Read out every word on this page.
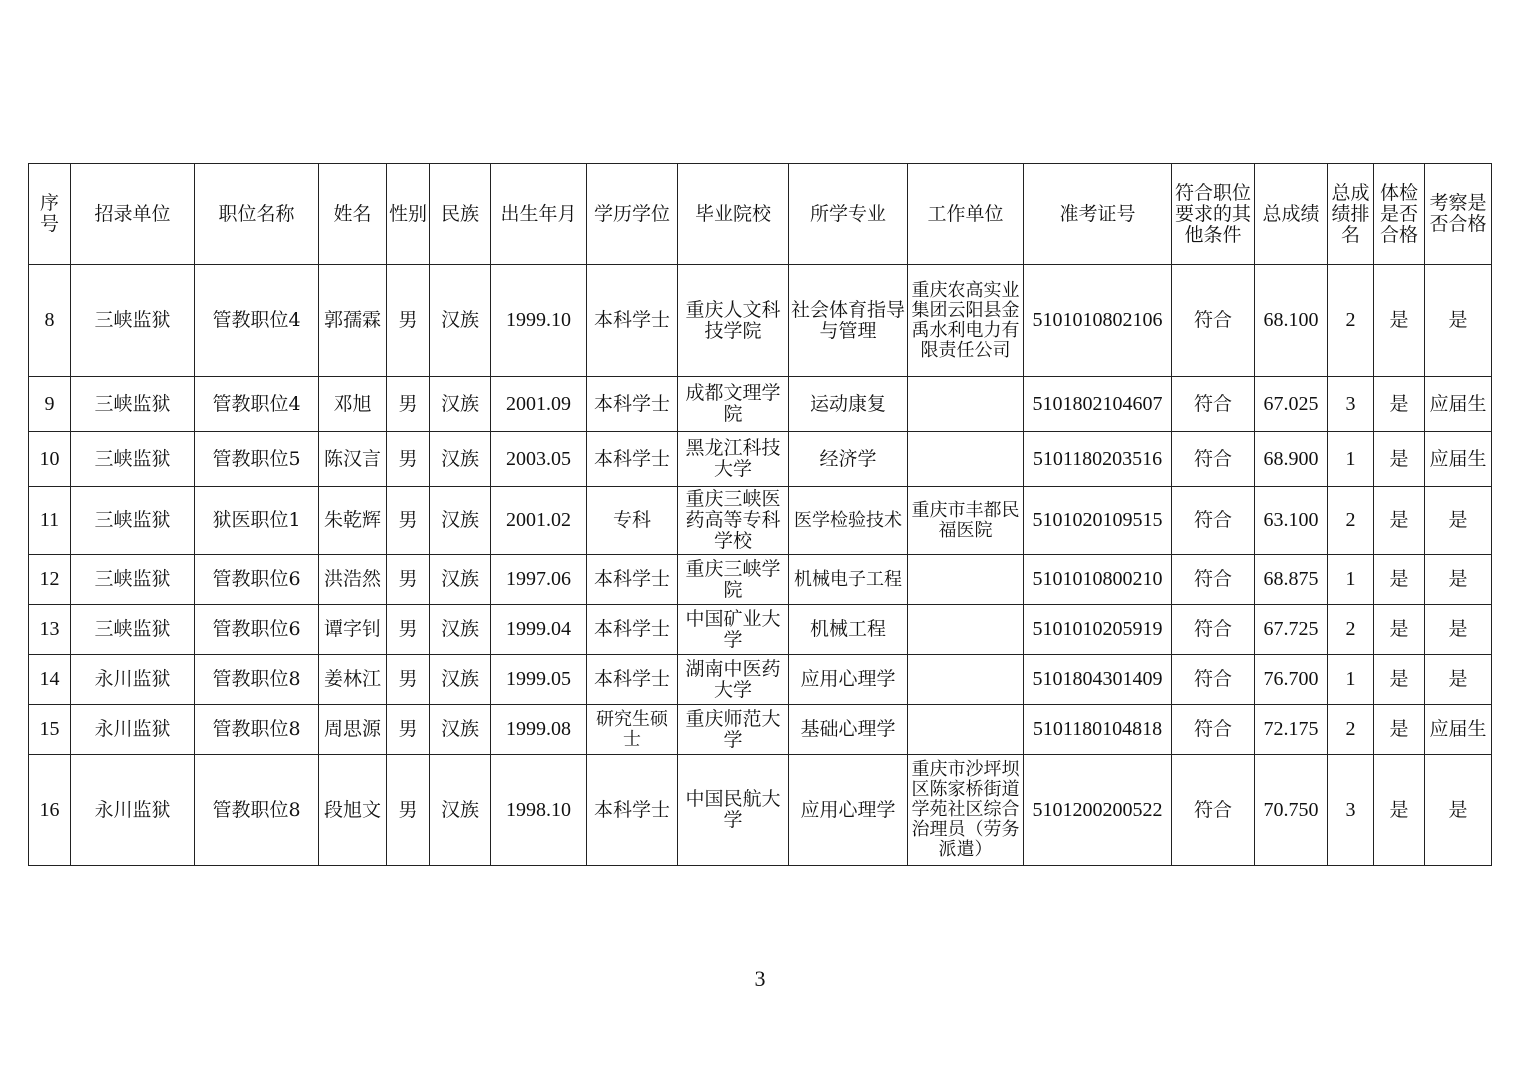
序号	招录单位	职位名称	姓名	性别	民族	出生年月	学历学位	毕业院校	所学专业	工作单位	准考证号	符合职位要求的其他条件	总成绩	总成绩排名	体检是否合格	考察是否合格
8	三峡监狱	管教职位4	郭孺霖	男	汉族	1999.10	本科学士	重庆人文科技学院	社会体育指导与管理	重庆农高实业集团云阳县金禹水利电力有限责任公司	5101010802106	符合	68.100	2	是	是
9	三峡监狱	管教职位4	邓旭	男	汉族	2001.09	本科学士	成都文理学院	运动康复		5101802104607	符合	67.025	3	是	应届生
10	三峡监狱	管教职位5	陈汉言	男	汉族	2003.05	本科学士	黑龙江科技大学	经济学		5101180203516	符合	68.900	1	是	应届生
11	三峡监狱	狱医职位1	朱乾辉	男	汉族	2001.02	专科	重庆三峡医药高等专科学校	医学检验技术	重庆市丰都民福医院	5101020109515	符合	63.100	2	是	是
12	三峡监狱	管教职位6	洪浩然	男	汉族	1997.06	本科学士	重庆三峡学院	机械电子工程		5101010800210	符合	68.875	1	是	是
13	三峡监狱	管教职位6	谭字钊	男	汉族	1999.04	本科学士	中国矿业大学	机械工程		5101010205919	符合	67.725	2	是	是
14	永川监狱	管教职位8	姜林江	男	汉族	1999.05	本科学士	湖南中医药大学	应用心理学		5101804301409	符合	76.700	1	是	是
15	永川监狱	管教职位8	周思源	男	汉族	1999.08	研究生硕士	重庆师范大学	基础心理学		5101180104818	符合	72.175	2	是	应届生
16	永川监狱	管教职位8	段旭文	男	汉族	1998.10	本科学士	中国民航大学	应用心理学	重庆市沙坪坝区陈家桥街道学苑社区综合治理员（劳务派遣）	5101200200522	符合	70.750	3	是	是
3
